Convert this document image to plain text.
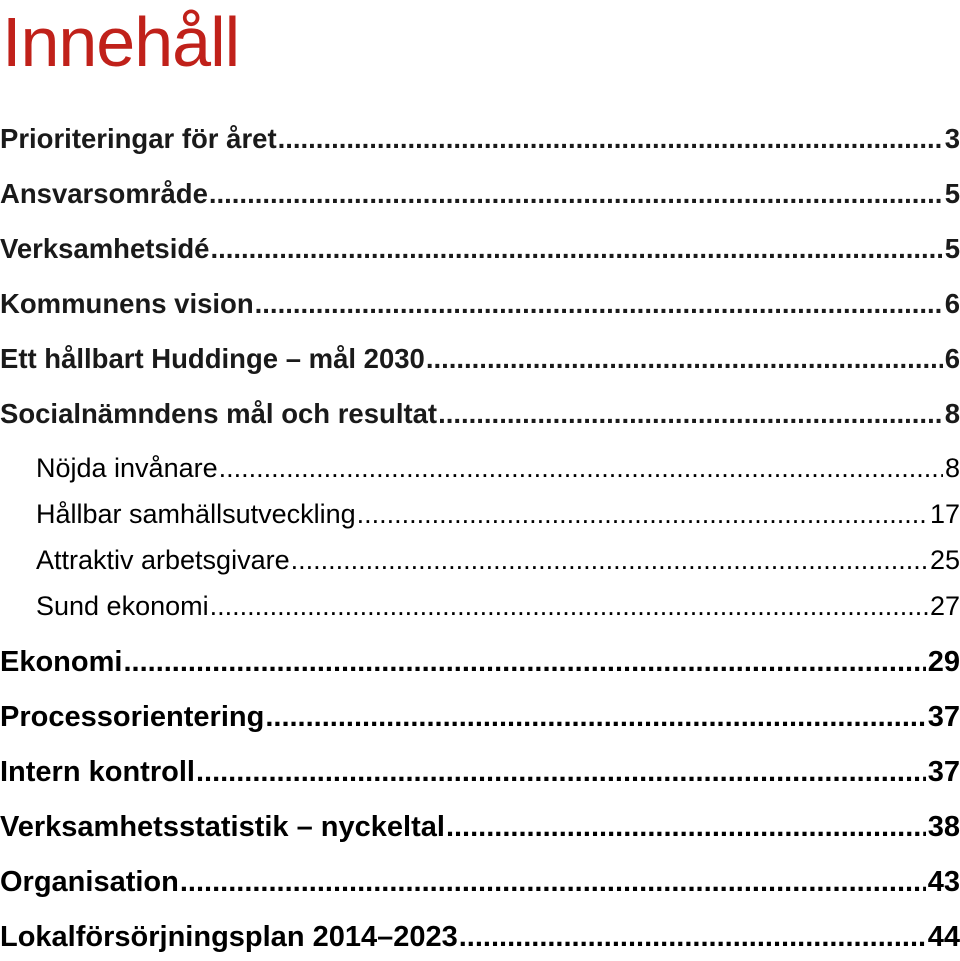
Innehåll
Prioriteringar för året .....	3
Ansvarsområde .....	5
Verksamhetsidé .....	5
Kommunens vision .....	6
Ett hållbart Huddinge – mål 2030 .....	6
Socialnämndens mål och resultat .....	8
Nöjda invånare .....	8
Hållbar samhällsutveckling .....	17
Attraktiv arbetsgivare .....	25
Sund ekonomi .....	27
Ekonomi .....	29
Processorientering .....	37
Intern kontroll .....	37
Verksamhetsstatistik – nyckeltal .....	38
Organisation .....	43
Lokalförsörjningsplan 2014–2023 .....	44
